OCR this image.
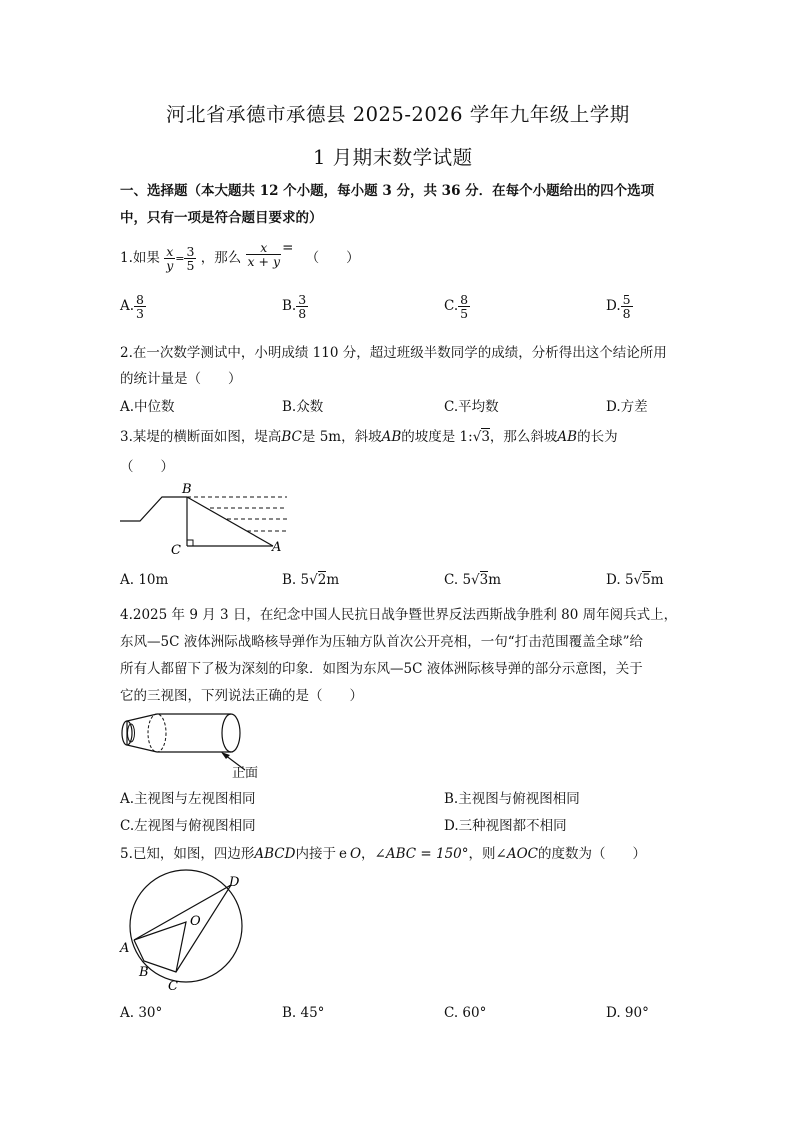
河北省承德市承德县 2025-2026 学年九年级上学期
1 月期末数学试题
一、选择题（本大题共 12 个小题，每小题 3 分，共 36 分．在每个小题给出的四个选项
中，只有一项是符合题目要求的）
1.如果 $\frac{x}{y} = \frac{3}{5}$ ，那么 $\frac{x}{x + y}$ = （　　）
A. $\frac{8}{3}$	B. $\frac{3}{8}$	C. $\frac{8}{5}$	D. $\frac{5}{8}$
2.在一次数学测试中，小明成绩 110 分，超过班级半数同学的成绩，分析得出这个结论所用
的统计量是（　　）
A.中位数	B.众数	C.平均数	D.方差
3.某堤的横断面如图，堤高BC是 5m，斜坡AB的坡度是 1:√3，那么斜坡AB的长为
（　　）
B
C	A
A. 10m	B. 5√2m	C. 5√3m	D. 5√5m
4.2025 年 9 月 3 日，在纪念中国人民抗日战争暨世界反法西斯战争胜利 80 周年阅兵式上，
东风—5C 液体洲际战略核导弹作为压轴方队首次公开亮相，一句“打击范围覆盖全球”给
所有人都留下了极为深刻的印象．如图为东风—5C 液体洲际核导弹的部分示意图，关于
它的三视图，下列说法正确的是（　　）
正面
A.主视图与左视图相同	B.主视图与俯视图相同
C.左视图与俯视图相同	D.三种视图都不相同
5.已知，如图，四边形ABCD内接于 e O，∠ABC = 150°，则∠AOC的度数为（　　）
D
O
A
B
C
A. 30°	B. 45°	C. 60°	D. 90°
